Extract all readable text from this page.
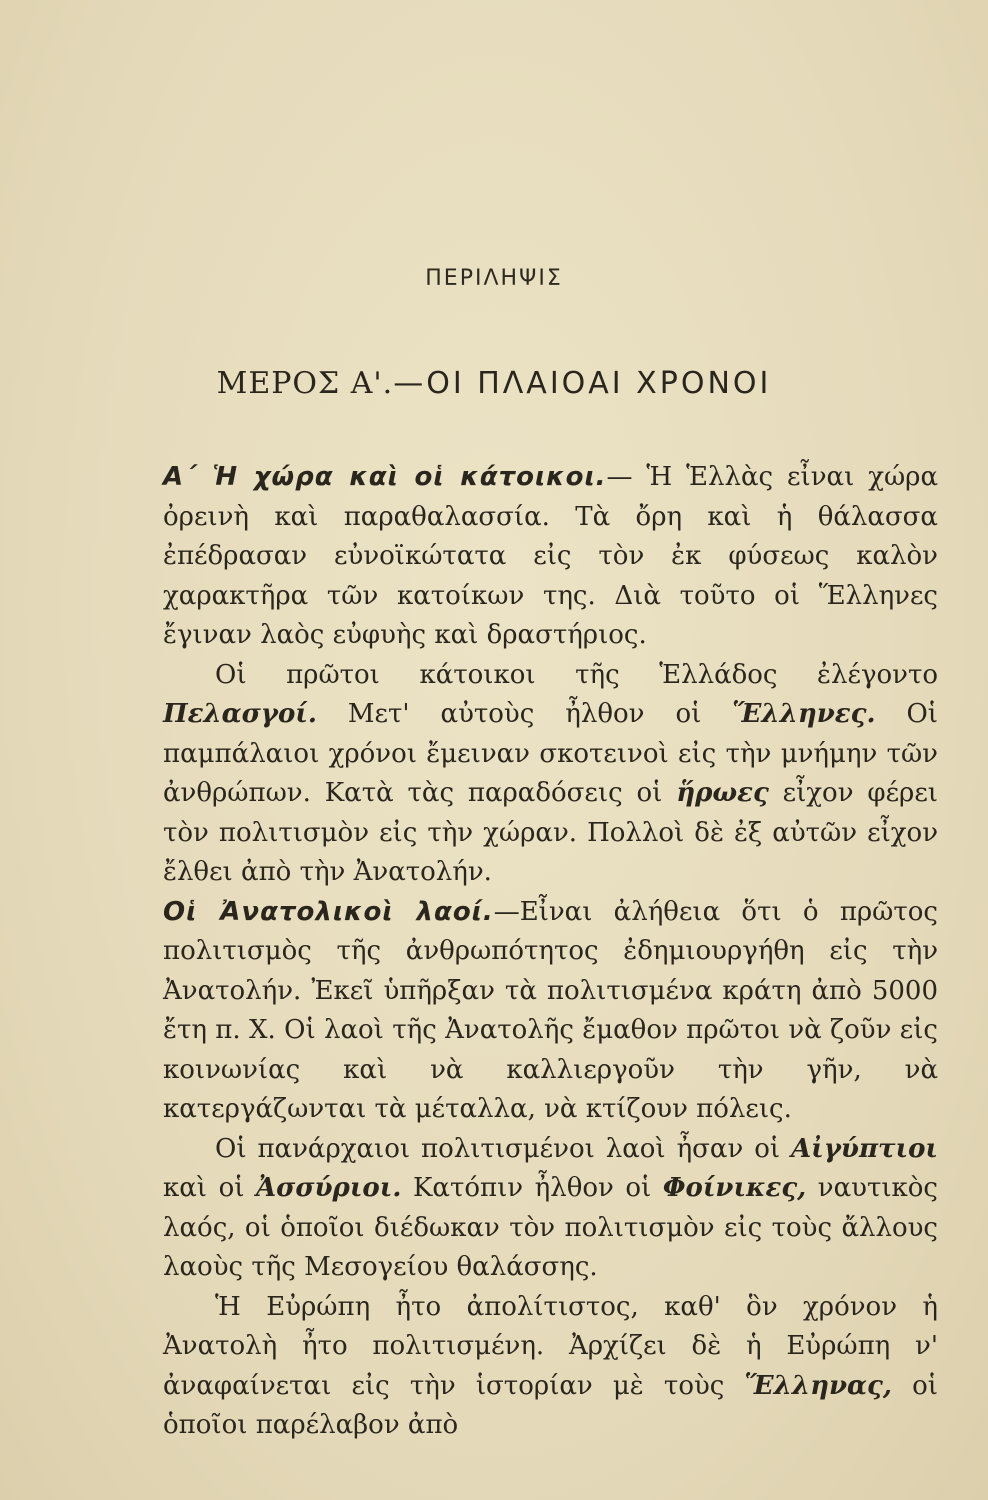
ΠΕΡΙΛΗΨΙΣ
ΜΕΡΟΣ Α'.—ΟΙ ΠΛΑΙΟΑΙ ΧΡΟΝΟΙ

Α΄ Ἡ χώρα καὶ οἱ κάτοικοι.— Ἡ Ἑλλὰς εἶναι χώρα ὀρεινὴ καὶ παραθαλασσία. Τὰ ὄρη καὶ ἡ θάλασσα ἐπέδρασαν εὐνοϊκώτατα εἰς τὸν ἐκ φύσεως καλὸν χαρακτῆρα τῶν κατοίκων της. Διὰ τοῦτο οἱ Ἕλληνες ἔγιναν λαὸς εὐφυὴς καὶ δραστήριος.

Οἱ πρῶτοι κάτοικοι τῆς Ἑλλάδος ἐλέγοντο Πελασγοί. Μετ' αὐτοὺς ἦλθον οἱ Ἕλληνες. Οἱ παμπάλαιοι χρόνοι ἔμειναν σκοτεινοὶ εἰς τὴν μνήμην τῶν ἀνθρώπων. Κατὰ τὰς παραδόσεις οἱ ἥρωες εἶχον φέρει τὸν πολιτισμὸν εἰς τὴν χώραν. Πολλοὶ δὲ ἐξ αὐτῶν εἶχον ἔλθει ἀπὸ τὴν Ἀνατολήν.

Οἱ Ἀνατολικοὶ λαοί.—Εἶναι ἀλήθεια ὅτι ὁ πρῶτος πολιτισμὸς τῆς ἀνθρωπότητος ἐδημιουργήθη εἰς τὴν Ἀνατολήν. Ἐκεῖ ὑπῆρξαν τὰ πολιτισμένα κράτη ἀπὸ 5000 ἔτη π. Χ. Οἱ λαοὶ τῆς Ἀνατολῆς ἔμαθον πρῶτοι νὰ ζοῦν εἰς κοινωνίας καὶ νὰ καλλιεργοῦν τὴν γῆν, νὰ κατεργάζωνται τὰ μέταλλα, νὰ κτίζουν πόλεις.

Οἱ πανάρχαιοι πολιτισμένοι λαοὶ ἦσαν οἱ Αἰγύπτιοι καὶ οἱ Ἀσσύριοι. Κατόπιν ἦλθον οἱ Φοίνικες, ναυτικὸς λαός, οἱ ὁποῖοι διέδωκαν τὸν πολιτισμὸν εἰς τοὺς ἄλλους λαοὺς τῆς Μεσογείου θαλάσσης.

Ἡ Εὐρώπη ἦτο ἀπολίτιστος, καθ' ὃν χρόνον ἡ Ἀνατολὴ ἦτο πολιτισμένη. Ἀρχίζει δὲ ἡ Εὐρώπη ν' ἀναφαίνεται εἰς τὴν ἱστορίαν μὲ τοὺς Ἕλληνας, οἱ ὁποῖοι παρέλαβον ἀπὸ
